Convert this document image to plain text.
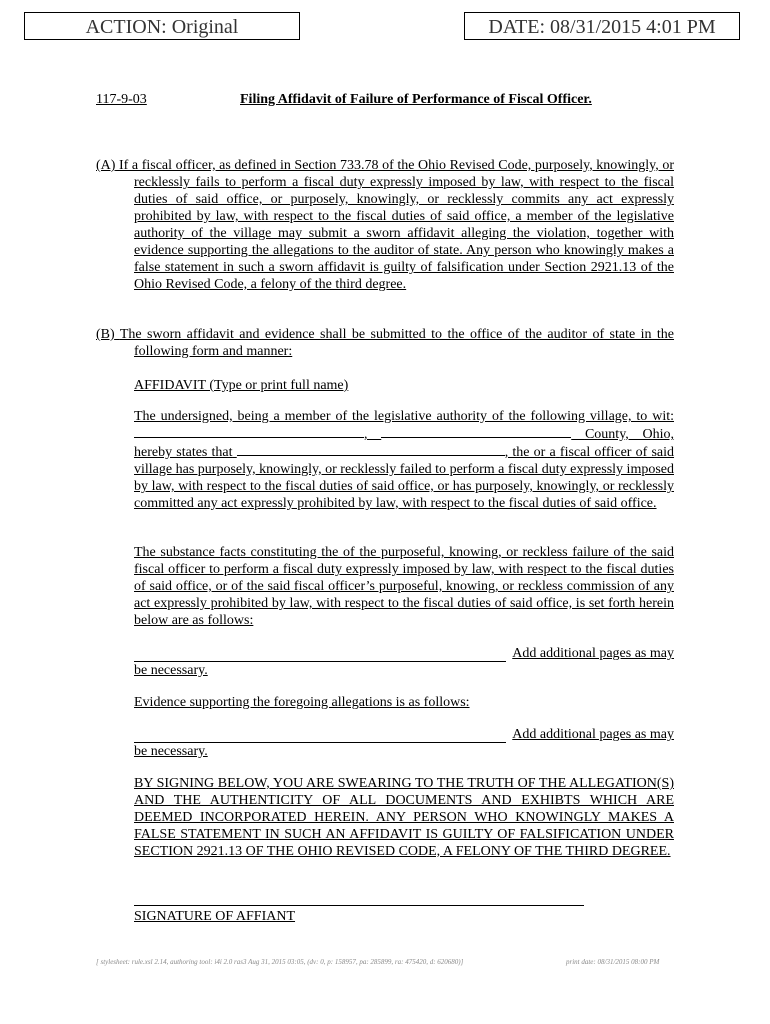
ACTION: Original	DATE: 08/31/2015 4:01 PM
117-9-03	Filing Affidavit of Failure of Performance of Fiscal Officer.
(A) If a fiscal officer, as defined in Section 733.78 of the Ohio Revised Code, purposely, knowingly, or recklessly fails to perform a fiscal duty expressly imposed by law, with respect to the fiscal duties of said office, or purposely, knowingly, or recklessly commits any act expressly prohibited by law, with respect to the fiscal duties of said office, a member of the legislative authority of the village may submit a sworn affidavit alleging the violation, together with evidence supporting the allegations to the auditor of state. Any person who knowingly makes a false statement in such a sworn affidavit is guilty of falsification under Section 2921.13 of the Ohio Revised Code, a felony of the third degree.
(B) The sworn affidavit and evidence shall be submitted to the office of the auditor of state in the following form and manner:
AFFIDAVIT (Type or print full name)
The undersigned, being a member of the legislative authority of the following village, to wit: ,	County, Ohio, hereby states that	, the or a fiscal officer of said village has purposely, knowingly, or recklessly failed to perform a fiscal duty expressly imposed by law, with respect to the fiscal duties of said office, or has purposely, knowingly, or recklessly committed any act expressly prohibited by law, with respect to the fiscal duties of said office.
The substance facts constituting the of the purposeful, knowing, or reckless failure of the said fiscal officer to perform a fiscal duty expressly imposed by law, with respect to the fiscal duties of said office, or of the said fiscal officer’s purposeful, knowing, or reckless commission of any act expressly prohibited by law, with respect to the fiscal duties of said office, is set forth herein below are as follows:
Add additional pages as may
be necessary.
Evidence supporting the foregoing allegations is as follows:
Add additional pages as may
be necessary.
BY SIGNING BELOW, YOU ARE SWEARING TO THE TRUTH OF THE ALLEGATION(S) AND THE AUTHENTICITY OF ALL DOCUMENTS AND EXHIBTS WHICH ARE DEEMED INCORPORATED HEREIN. ANY PERSON WHO KNOWINGLY MAKES A FALSE STATEMENT IN SUCH AN AFFIDAVIT IS GUILTY OF FALSIFICATION UNDER SECTION 2921.13 OF THE OHIO REVISED CODE, A FELONY OF THE THIRD DEGREE.
SIGNATURE OF AFFIANT
[ stylesheet: rule.xsl 2.14, authoring tool: i4i 2.0 ras3 Aug 31, 2015 03:05, (dv: 0, p: 158957, pa: 285899, ra: 475420, d: 620680)]	print date: 08/31/2015 08:00 PM
